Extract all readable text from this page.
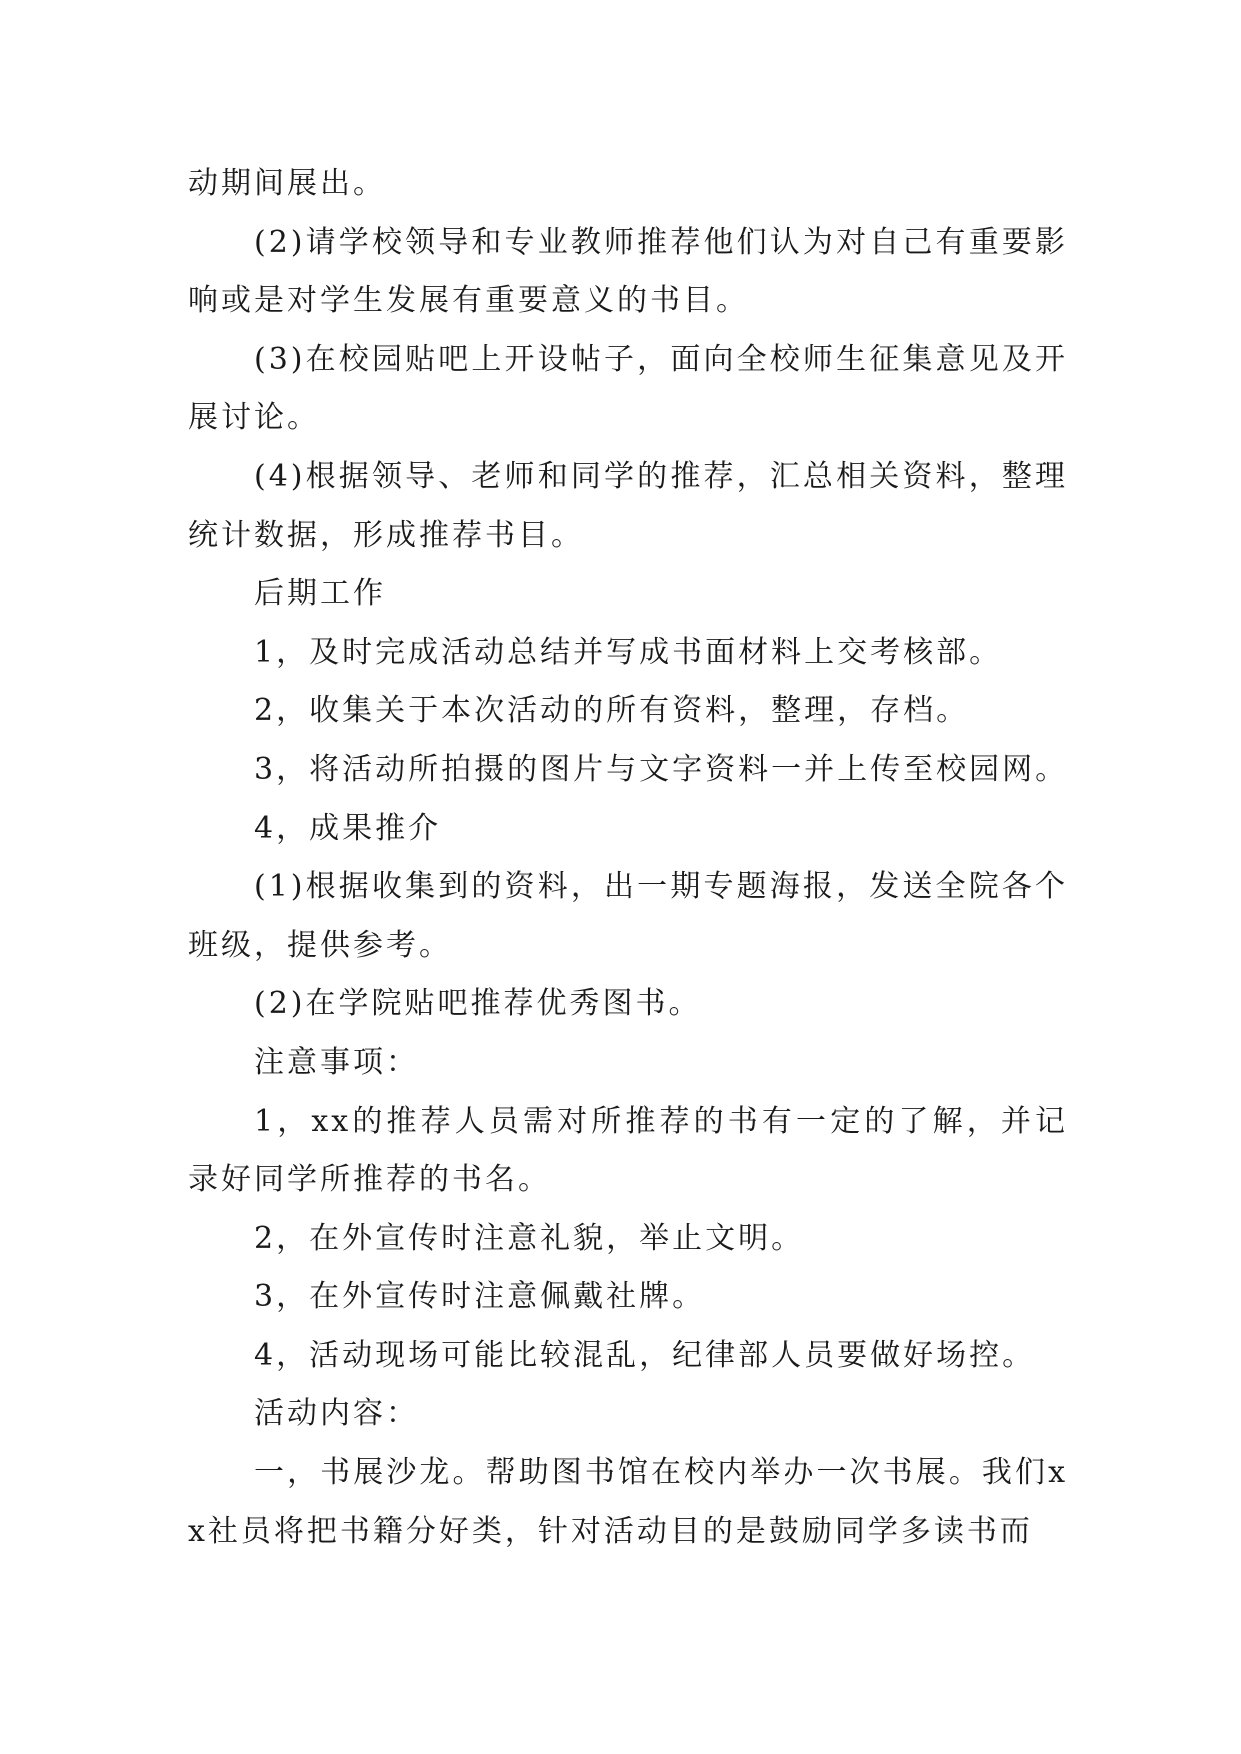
动期间展出。

(2)请学校领导和专业教师推荐他们认为对自己有重要影响或是对学生发展有重要意义的书目。

(3)在校园贴吧上开设帖子，面向全校师生征集意见及开展讨论。

(4)根据领导、老师和同学的推荐，汇总相关资料，整理统计数据，形成推荐书目。

后期工作

1，及时完成活动总结并写成书面材料上交考核部。

2，收集关于本次活动的所有资料，整理，存档。

3，将活动所拍摄的图片与文字资料一并上传至校园网。

4，成果推介

(1)根据收集到的资料，出一期专题海报，发送全院各个班级，提供参考。

(2)在学院贴吧推荐优秀图书。

注意事项：

1，xx的推荐人员需对所推荐的书有一定的了解，并记录好同学所推荐的书名。

2，在外宣传时注意礼貌，举止文明。

3，在外宣传时注意佩戴社牌。

4，活动现场可能比较混乱，纪律部人员要做好场控。

活动内容：

一，书展沙龙。帮助图书馆在校内举办一次书展。我们xx社员将把书籍分好类，针对活动目的是鼓励同学多读书而
